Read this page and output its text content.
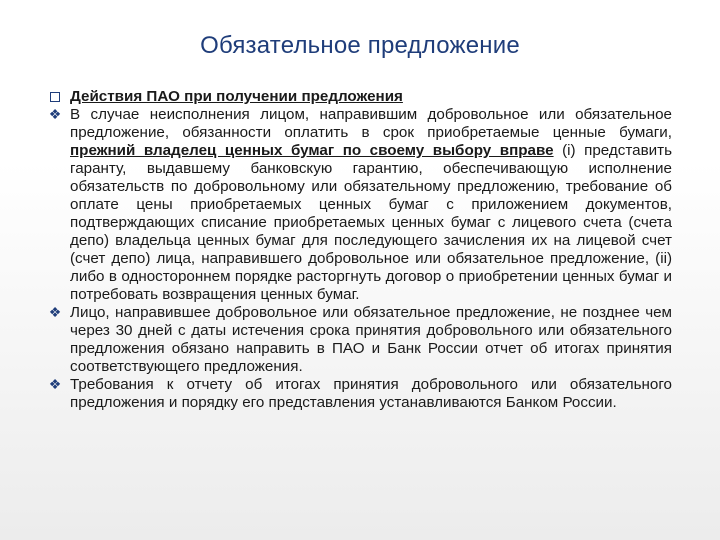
Обязательное предложение
Действия ПАО при получении предложения
❖ В случае неисполнения лицом, направившим добровольное или обязательное предложение, обязанности оплатить в срок приобретаемые ценные бумаги, прежний владелец ценных бумаг по своему выбору вправе (i) представить гаранту, выдавшему банковскую гарантию, обеспечивающую исполнение обязательств по добровольному или обязательному предложению, требование об оплате цены приобретаемых ценных бумаг с приложением документов, подтверждающих списание приобретаемых ценных бумаг с лицевого счета (счета депо) владельца ценных бумаг для последующего зачисления их на лицевой счет (счет депо) лица, направившего добровольное или обязательное предложение, (ii) либо в одностороннем порядке расторгнуть договор о приобретении ценных бумаг и потребовать возвращения ценных бумаг.
❖ Лицо, направившее добровольное или обязательное предложение, не позднее чем через 30 дней с даты истечения срока принятия добровольного или обязательного предложения обязано направить в ПАО и Банк России отчет об итогах принятия соответствующего предложения.
❖ Требования к отчету об итогах принятия добровольного или обязательного предложения и порядку его представления устанавливаются Банком России.
